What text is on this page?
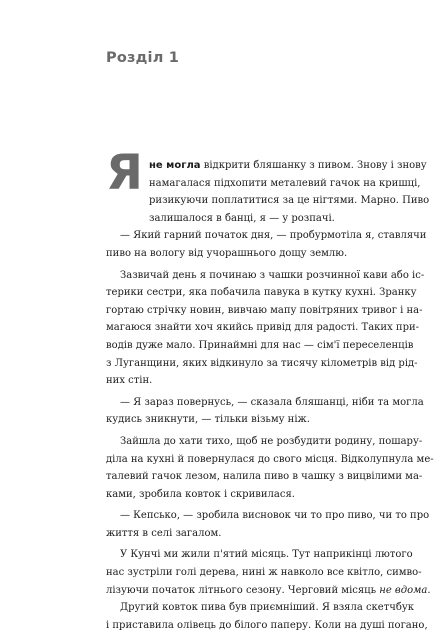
Розділ 1
Я не могла відкрити бляшанку з пивом. Знову і знову
намагалася підхопити металевий гачок на кришці,
ризикуючи поплатитися за це нігтями. Марно. Пиво
залишалося в банці, я — у розпачі.
— Який гарний початок дня, — пробурмотіла я, ставлячи
пиво на вологу від учорашнього дощу землю.
Зазвичай день я починаю з чашки розчинної кави або іс-
терики сестри, яка побачила павука в кутку кухні. Зранку
гортаю стрічку новин, вивчаю мапу повітряних тривог і на-
магаюся знайти хоч якийсь привід для радості. Таких при-
водів дуже мало. Принаймні для нас — сім'ї переселенців
з Луганщини, яких відкинуло за тисячу кілометрів від рід-
них стін.
— Я зараз повернусь, — сказала бляшанці, ніби та могла
кудись зникнути, — тільки візьму ніж.
Зайшла до хати тихо, щоб не розбудити родину, пошару-
діла на кухні й повернулася до свого місця. Відколупнула ме-
талевий гачок лезом, налила пиво в чашку з вицвілими ма-
ками, зробила ковток і скривилася.
— Кепсько, — зробила висновок чи то про пиво, чи то про
життя в селі загалом.
У Кунчі ми жили п'ятий місяць. Тут наприкінці лютого
нас зустріли голі дерева, нині ж навколо все квітло, симво-
лізуючи початок літнього сезону. Черговий місяць не вдома.
Другий ковток пива був приємніший. Я взяла скетчбук
і приставила олівець до білого паперу. Коли на душі погано,
